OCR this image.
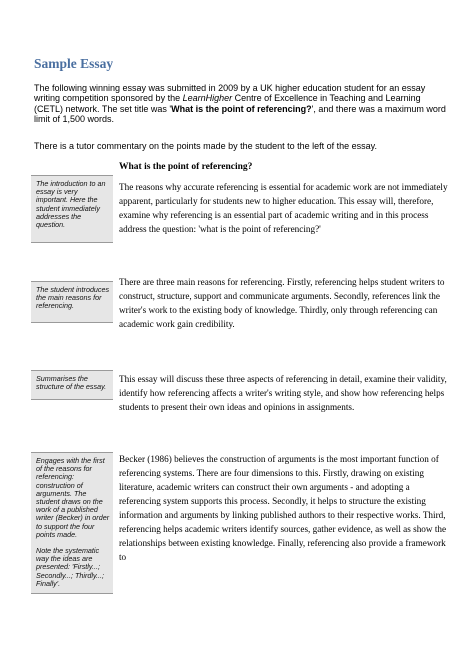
Sample Essay

The following winning essay was submitted in 2009 by a UK higher education student for an essay writing competition sponsored by the LearnHigher Centre of Excellence in Teaching and Learning (CETL) network. The set title was 'What is the point of referencing?', and there was a maximum word limit of 1,500 words.

There is a tutor commentary on the points made by the student to the left of the essay.

What is the point of referencing?

The introduction to an essay is very important. Here the student immediately addresses the question.

The student introduces the main reasons for referencing.

Summarises the structure of the essay.

Engages with the first of the reasons for referencing: construction of arguments. The student draws on the work of a published writer (Becker) in order to support the four points made.

Note the systematic way the ideas are presented: 'Firstly...; Secondly...; Thirdly...; Finally'.

The reasons why accurate referencing is essential for academic work are not immediately apparent, particularly for students new to higher education. This essay will, therefore, examine why referencing is an essential part of academic writing and in this process address the question: 'what is the point of referencing?'

There are three main reasons for referencing. Firstly, referencing helps student writers to construct, structure, support and communicate arguments. Secondly, references link the writer's work to the existing body of knowledge. Thirdly, only through referencing can academic work gain credibility.

This essay will discuss these three aspects of referencing in detail, examine their validity, identify how referencing affects a writer's writing style, and show how referencing helps students to present their own ideas and opinions in assignments.

Becker (1986) believes the construction of arguments is the most important function of referencing systems. There are four dimensions to this. Firstly, drawing on existing literature, academic writers can construct their own arguments - and adopting a referencing system supports this process. Secondly, it helps to structure the existing information and arguments by linking published authors to their respective works. Third, referencing helps academic writers identify sources, gather evidence, as well as show the relationships between existing knowledge. Finally, referencing also provide a framework to
